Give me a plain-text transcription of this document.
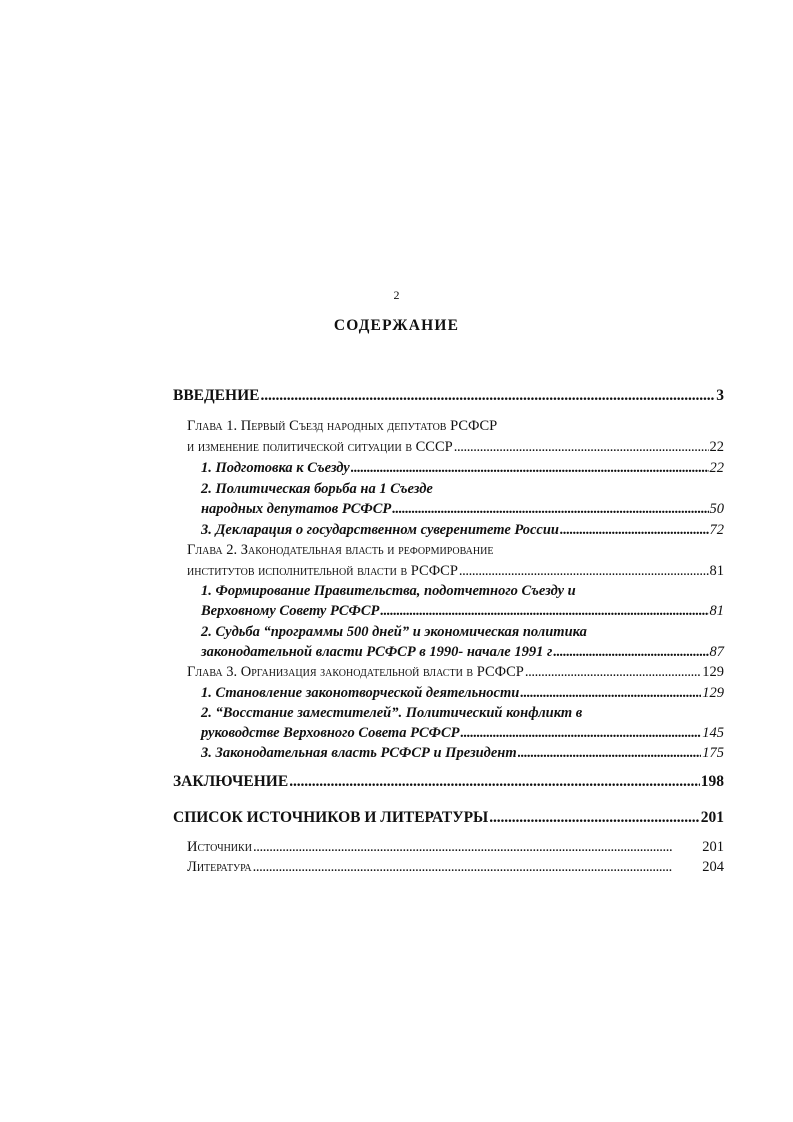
2
СОДЕРЖАНИЕ
ВВЕДЕНИЕ . . .	3
Глава 1. Первый Съезд народных депутатов РСФСР
и изменение политической ситуации в СССР . . .	22
1. Подготовка к Съезду . . .	22
2. Политическая борьба на 1 Съезде
народных депутатов РСФСР . . .	50
3. Декларация о государственном суверенитете России . . .	72
Глава 2. Законодательная власть и реформирование
институтов исполнительной власти в РСФСР . . .	81
1. Формирование Правительства, подотчетного Съезду и
Верховному Совету РСФСР . . .	81
2. Судьба “программы 500 дней” и экономическая политика
законодательной власти РСФСР в 1990- начале 1991 г . . .	87
Глава 3. Организация законодательной власти в РСФСР . . .	129
1. Становление законотворческой деятельности . . .	129
2. “Восстание заместителей”. Политический конфликт в
руководстве Верховного Совета РСФСР . . .	145
3. Законодательная власть РСФСР и Президент . . .	175
ЗАКЛЮЧЕНИЕ . . .	198
СПИСОК ИСТОЧНИКОВ И ЛИТЕРАТУРЫ . . .	201
Источники . . .	201
Литература . . .	204
